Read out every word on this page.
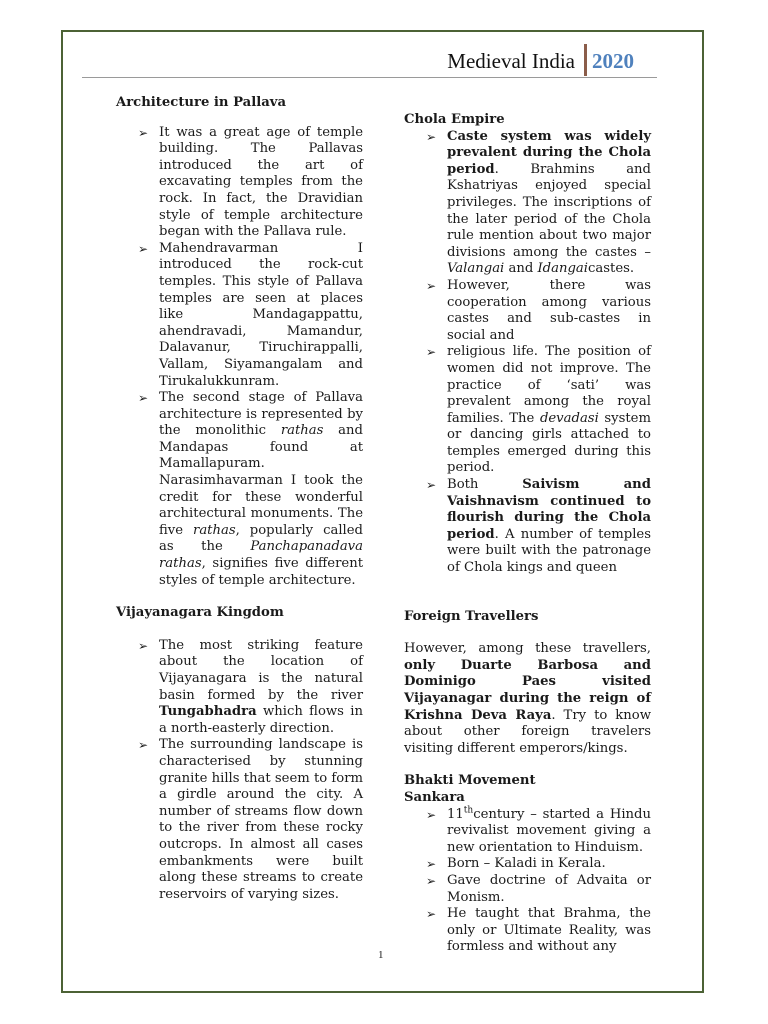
Medieval India 2020

Architecture in Pallava

➢ It was a great age of temple building. The Pallavas introduced the art of excavating temples from the rock. In fact, the Dravidian style of temple architecture began with the Pallava rule.
➢ Mahendravarman I introduced the rock-cut temples. This style of Pallava temples are seen at places like Mandagappattu, ahendravadi, Mamandur, Dalavanur, Tiruchirappalli, Vallam, Siyamangalam and Tirukalukkunram.
➢ The second stage of Pallava architecture is represented by the monolithic rathas and Mandapas found at Mamallapuram. Narasimhavarman I took the credit for these wonderful architectural monuments. The five rathas, popularly called as the Panchapanadava rathas, signifies five different styles of temple architecture.

Vijayanagara Kingdom

➢ The most striking feature about the location of Vijayanagara is the natural basin formed by the river Tungabhadra which flows in a north-easterly direction.
➢ The surrounding landscape is characterised by stunning granite hills that seem to form a girdle around the city. A number of streams flow down to the river from these rocky outcrops. In almost all cases embankments were built along these streams to create reservoirs of varying sizes.

Chola Empire

➢ Caste system was widely prevalent during the Chola period. Brahmins and Kshatriyas enjoyed special privileges. The inscriptions of the later period of the Chola rule mention about two major divisions among the castes – Valangai and Idangaicastes.
➢ However, there was cooperation among various castes and sub-castes in social and
➢ religious life. The position of women did not improve. The practice of ‘sati’ was prevalent among the royal families. The devadasi system or dancing girls attached to temples emerged during this period.
➢ Both Saivism and Vaishnavism continued to flourish during the Chola period. A number of temples were built with the patronage of Chola kings and queen

Foreign Travellers

However, among these travellers, only Duarte Barbosa and Dominigo Paes visited Vijayanagar during the reign of Krishna Deva Raya. Try to know about other foreign travelers visiting different emperors/kings.

Bhakti Movement

Sankara

➢ 11thcentury – started a Hindu revivalist movement giving a new orientation to Hinduism.
➢ Born – Kaladi in Kerala.
➢ Gave doctrine of Advaita or Monism.
➢ He taught that Brahma, the only or Ultimate Reality, was formless and without any
1
